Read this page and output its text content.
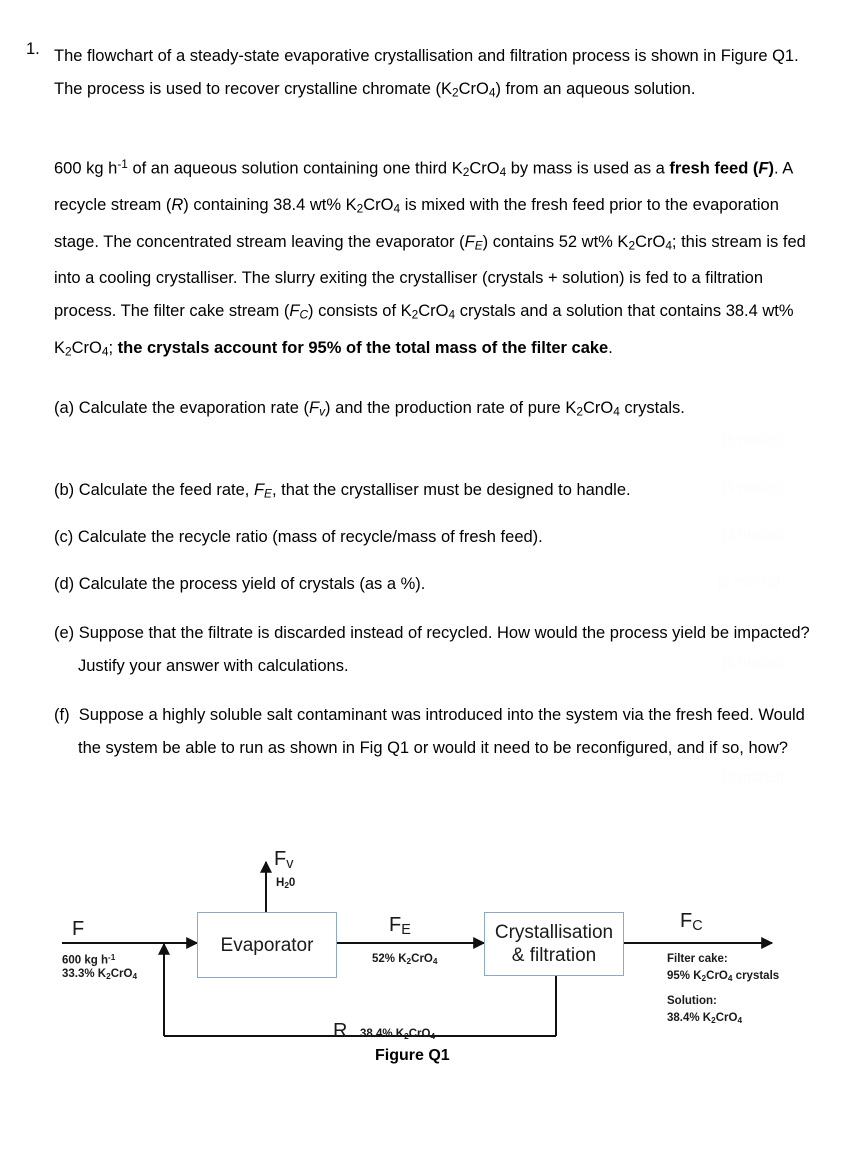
1. The flowchart of a steady-state evaporative crystallisation and filtration process is shown in Figure Q1. The process is used to recover crystalline chromate $(K_2CrO_4)$ from an aqueous solution.
600 kg $h^{-1}$ of an aqueous solution containing one third $K_2CrO_4$ by mass is used as a fresh feed (F). A recycle stream (R) containing 38.4 wt% $K_2CrO_4$ is mixed with the fresh feed prior to the evaporation stage. The concentrated stream leaving the evaporator $(F_E)$ contains 52 wt% $K_2CrO_4$; this stream is fed into a cooling crystalliser. The slurry exiting the crystalliser (crystals + solution) is fed to a filtration process. The filter cake stream $(F_C)$ consists of $K_2CrO_4$ crystals and a solution that contains 38.4 wt% $K_2CrO_4$; the crystals account for 95% of the total mass of the filter cake.
(a) Calculate the evaporation rate $(F_v)$ and the production rate of pure $K_2CrO_4$ crystals.
[9 marks]
(b) Calculate the feed rate, $F_E$, that the crystalliser must be designed to handle.	[4 marks]
(c) Calculate the recycle ratio (mass of recycle/mass of fresh feed).	[3 marks]
(d) Calculate the process yield of crystals (as a %).	[2 marks]
(e) Suppose that the filtrate is discarded instead of recycled. How would the process yield be impacted? Justify your answer with calculations.	[5 marks]
(f)  Suppose a highly soluble salt contaminant was introduced into the system via the fresh feed. Would the system be able to run as shown in Fig Q1 or would it need to be reconfigured, and if so, how?
[2 marks]
Evaporator
Crystallisation
& filtration
F
600 kg $h^{-1}$
33.3% $K_2CrO_4$
$F_v$
$H_20$
$F_E$
52% $K_2CrO_4$
R 38.4% $K_2CrO_4$
$F_C$
Filter cake:
95% $K_2CrO_4$ crystals
Solution:
38.4% $K_2CrO_4$
Figure Q1
